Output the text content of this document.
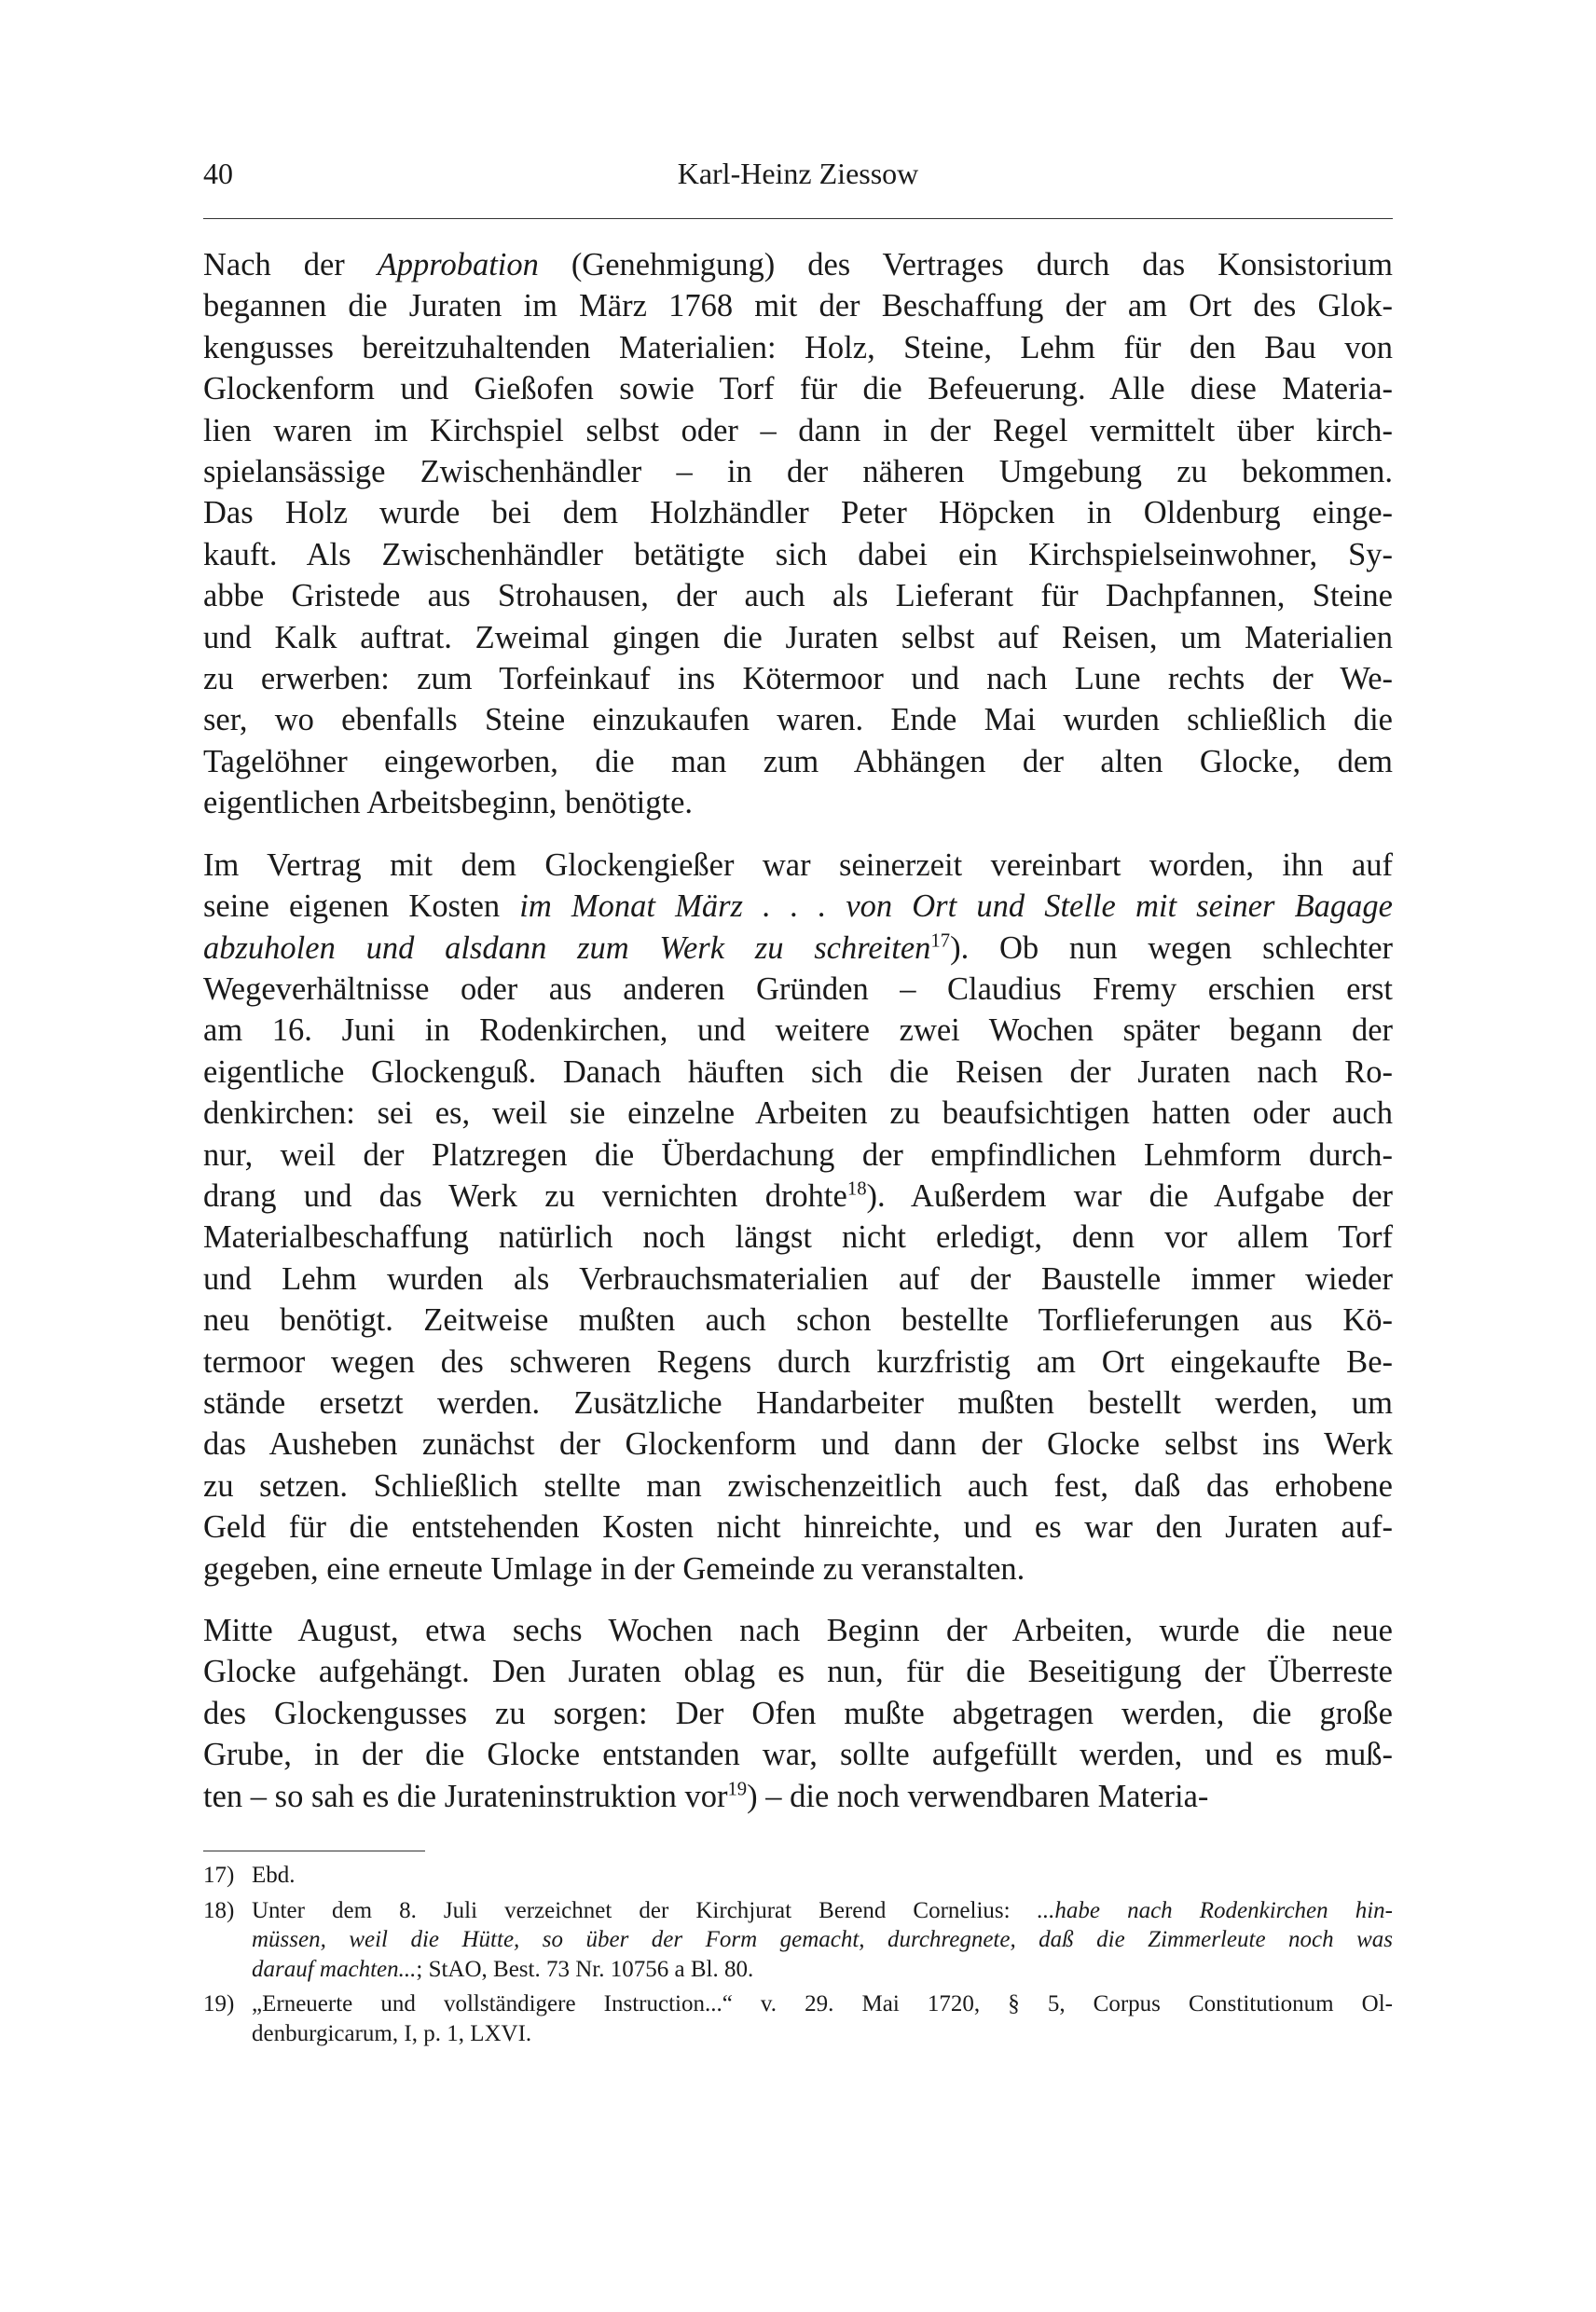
40	Karl-Heinz Ziessow

Nach der Approbation (Genehmigung) des Vertrages durch das Konsistorium
begannen die Juraten im März 1768 mit der Beschaffung der am Ort des Glok-
kengusses bereitzuhaltenden Materialien: Holz, Steine, Lehm für den Bau von
Glockenform und Gießofen sowie Torf für die Befeuerung. Alle diese Materia-
lien waren im Kirchspiel selbst oder – dann in der Regel vermittelt über kirch-
spielansässige Zwischenhändler – in der näheren Umgebung zu bekommen.
Das Holz wurde bei dem Holzhändler Peter Höpcken in Oldenburg einge-
kauft. Als Zwischenhändler betätigte sich dabei ein Kirchspielseinwohner, Sy-
abbe Gristede aus Strohausen, der auch als Lieferant für Dachpfannen, Steine
und Kalk auftrat. Zweimal gingen die Juraten selbst auf Reisen, um Materialien
zu erwerben: zum Torfeinkauf ins Kötermoor und nach Lune rechts der We-
ser, wo ebenfalls Steine einzukaufen waren. Ende Mai wurden schließlich die
Tagelöhner eingeworben, die man zum Abhängen der alten Glocke, dem
eigentlichen Arbeitsbeginn, benötigte.

Im Vertrag mit dem Glockengießer war seinerzeit vereinbart worden, ihn auf
seine eigenen Kosten im Monat März . . . von Ort und Stelle mit seiner Bagage
abzuholen und alsdann zum Werk zu schreiten$^{17}$). Ob nun wegen schlechter
Wegeverhältnisse oder aus anderen Gründen – Claudius Fremy erschien erst
am 16. Juni in Rodenkirchen, und weitere zwei Wochen später begann der
eigentliche Glockenguß. Danach häuften sich die Reisen der Juraten nach Ro-
denkirchen: sei es, weil sie einzelne Arbeiten zu beaufsichtigen hatten oder auch
nur, weil der Platzregen die Überdachung der empfindlichen Lehmform durch-
drang und das Werk zu vernichten drohte$^{18}$). Außerdem war die Aufgabe der
Materialbeschaffung natürlich noch längst nicht erledigt, denn vor allem Torf
und Lehm wurden als Verbrauchsmaterialien auf der Baustelle immer wieder
neu benötigt. Zeitweise mußten auch schon bestellte Torflieferungen aus Kö-
termoor wegen des schweren Regens durch kurzfristig am Ort eingekaufte Be-
stände ersetzt werden. Zusätzliche Handarbeiter mußten bestellt werden, um
das Ausheben zunächst der Glockenform und dann der Glocke selbst ins Werk
zu setzen. Schließlich stellte man zwischenzeitlich auch fest, daß das erhobene
Geld für die entstehenden Kosten nicht hinreichte, und es war den Juraten auf-
gegeben, eine erneute Umlage in der Gemeinde zu veranstalten.

Mitte August, etwa sechs Wochen nach Beginn der Arbeiten, wurde die neue
Glocke aufgehängt. Den Juraten oblag es nun, für die Beseitigung der Überreste
des Glockengusses zu sorgen: Der Ofen mußte abgetragen werden, die große
Grube, in der die Glocke entstanden war, sollte aufgefüllt werden, und es muß-
ten – so sah es die Jurateninstruktion vor$^{19}$) – die noch verwendbaren Materia-

17) Ebd.
18) Unter dem 8. Juli verzeichnet der Kirchjurat Berend Cornelius: ...habe nach Rodenkirchen hin-
müssen, weil die Hütte, so über der Form gemacht, durchregnete, daß die Zimmerleute noch was
darauf machten...; StAO, Best. 73 Nr. 10756 a Bl. 80.
19) „Erneuerte und vollständigere Instruction...“ v. 29. Mai 1720, § 5, Corpus Constitutionum Ol-
denburgicarum, I, p. 1, LXVI.
